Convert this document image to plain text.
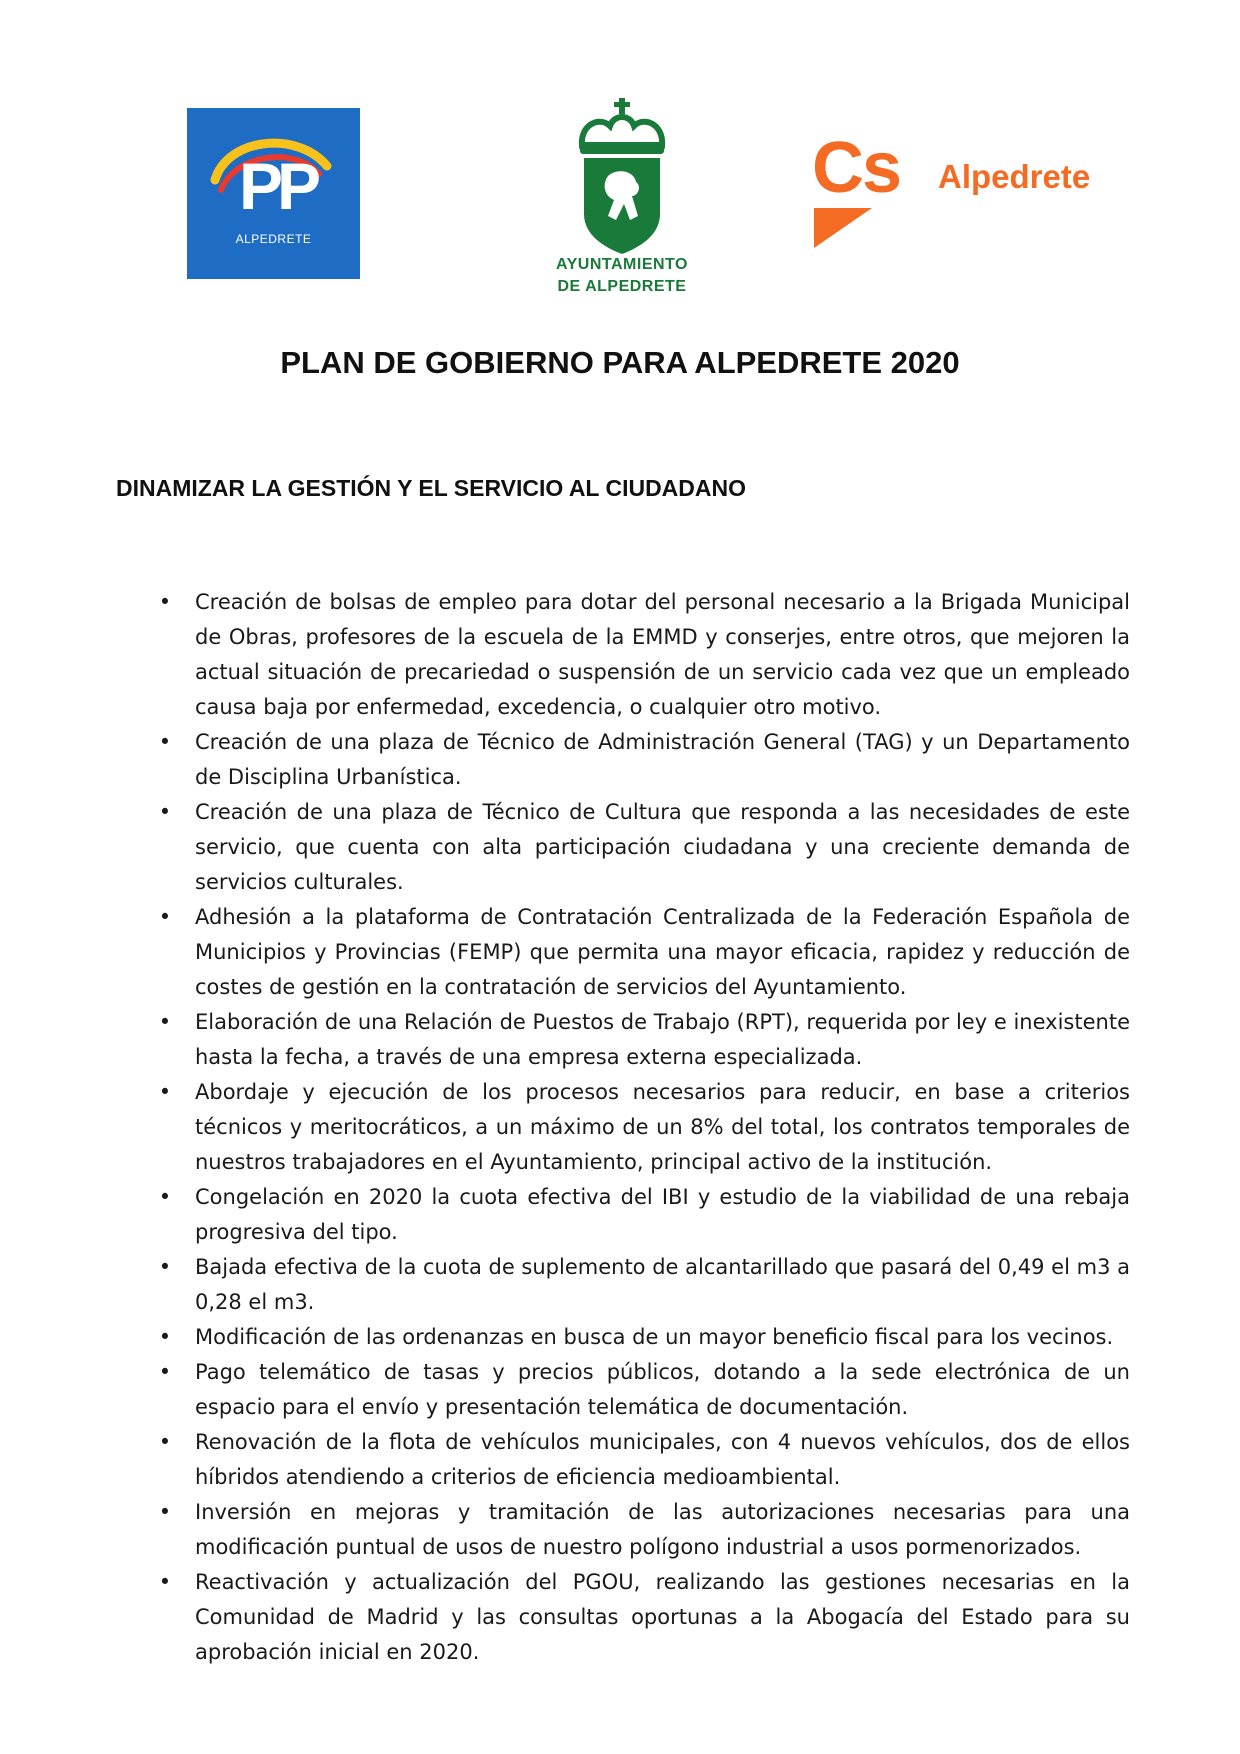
PP
ALPEDRETE
AYUNTAMIENTO
DE ALPEDRETE
Cs Alpedrete
PLAN DE GOBIERNO PARA ALPEDRETE 2020
DINAMIZAR LA GESTIÓN Y EL SERVICIO AL CIUDADANO
• Creación de bolsas de empleo para dotar del personal necesario a la Brigada Municipal de Obras, profesores de la escuela de la EMMD y conserjes, entre otros, que mejoren la actual situación de precariedad o suspensión de un servicio cada vez que un empleado causa baja por enfermedad, excedencia, o cualquier otro motivo.
• Creación de una plaza de Técnico de Administración General (TAG) y un Departamento de Disciplina Urbanística.
• Creación de una plaza de Técnico de Cultura que responda a las necesidades de este servicio, que cuenta con alta participación ciudadana y una creciente demanda de servicios culturales.
• Adhesión a la plataforma de Contratación Centralizada de la Federación Española de Municipios y Provincias (FEMP) que permita una mayor eficacia, rapidez y reducción de costes de gestión en la contratación de servicios del Ayuntamiento.
• Elaboración de una Relación de Puestos de Trabajo (RPT), requerida por ley e inexistente hasta la fecha, a través de una empresa externa especializada.
• Abordaje y ejecución de los procesos necesarios para reducir, en base a criterios técnicos y meritocráticos, a un máximo de un 8% del total, los contratos temporales de nuestros trabajadores en el Ayuntamiento, principal activo de la institución.
• Congelación en 2020 la cuota efectiva del IBI y estudio de la viabilidad de una rebaja progresiva del tipo.
• Bajada efectiva de la cuota de suplemento de alcantarillado que pasará del 0,49 el m3 a 0,28 el m3.
• Modificación de las ordenanzas en busca de un mayor beneficio fiscal para los vecinos.
• Pago telemático de tasas y precios públicos, dotando a la sede electrónica de un espacio para el envío y presentación telemática de documentación.
• Renovación de la flota de vehículos municipales, con 4 nuevos vehículos, dos de ellos híbridos atendiendo a criterios de eficiencia medioambiental.
• Inversión en mejoras y tramitación de las autorizaciones necesarias para una modificación puntual de usos de nuestro polígono industrial a usos pormenorizados.
• Reactivación y actualización del PGOU, realizando las gestiones necesarias en la Comunidad de Madrid y las consultas oportunas a la Abogacía del Estado para su aprobación inicial en 2020.
